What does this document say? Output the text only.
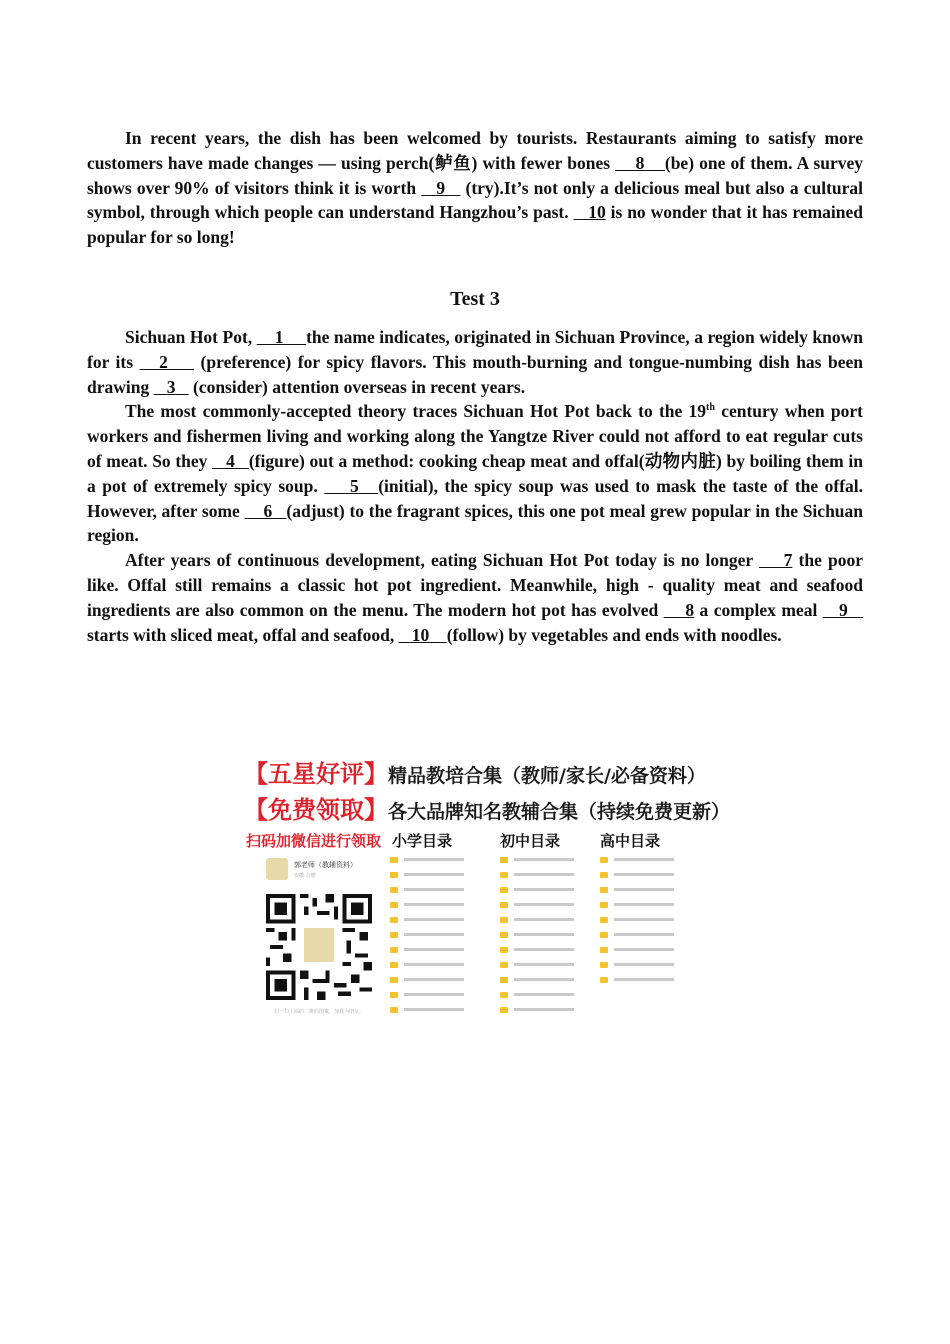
In recent years, the dish has been welcomed by tourists. Restaurants aiming to satisfy more customers have made changes — using perch(鲈鱼) with fewer bones     8    (be) one of them. A survey shows over 90% of visitors think it is worth    9    (try).It’s not only a delicious meal but also a cultural symbol, through which people can understand Hangzhou’s past.    10 is no wonder that it has remained popular for so long!

Test 3

Sichuan Hot Pot,     1     the name indicates, originated in Sichuan Province, a region widely known for its    2     (preference) for spicy flavors. This mouth-burning and tongue-numbing dish has been drawing    3    (consider) attention overseas in recent years.

The most commonly-accepted theory traces Sichuan Hot Pot back to the 19th century when port workers and fishermen living and working along the Yangtze River could not afford to eat regular cuts of meat. So they    4   (figure) out a method: cooking cheap meat and offal(动物内脏) by boiling them in a pot of extremely spicy soup.     5   (initial), the spicy soup was used to mask the taste of the offal. However, after some     6   (adjust) to the fragrant spices, this one pot meal grew popular in the Sichuan region.

After years of continuous development, eating Sichuan Hot Pot today is no longer     7 the poor like. Offal still remains a classic hot pot ingredient. Meanwhile, high - quality meat and seafood ingredients are also common on the menu. The modern hot pot has evolved     8 a complex meal    9    starts with sliced meat, offal and seafood,    10    (follow) by vegetables and ends with noodles.

【五星好评】精品教培合集（教师/家长/必备资料）
【免费领取】各大品牌知名教辅合集（持续免费更新）
扫码加微信进行领取 小学目录	初中目录	高中目录
郭老师（教辅资料）
安徽 合肥
扫一扫上面的二维码图案，加我为朋友。
